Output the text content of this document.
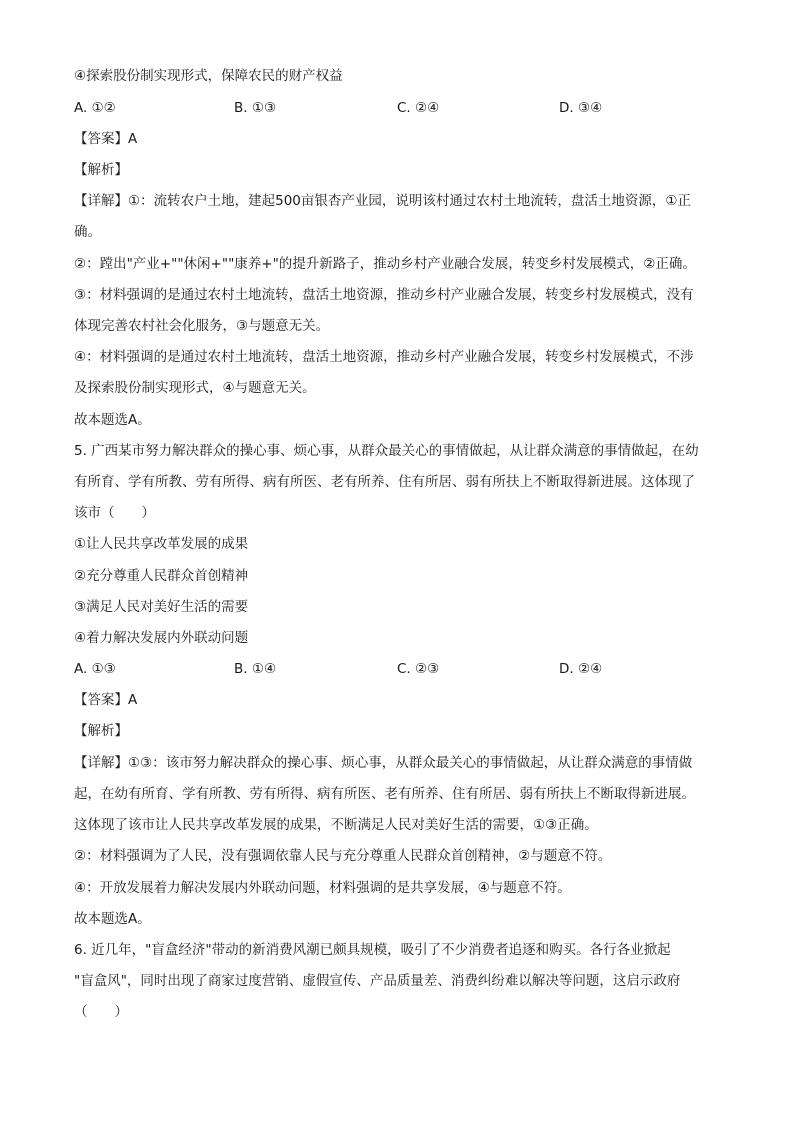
④探索股份制实现形式，保障农民的财产权益
A. ①②	B. ①③	C. ②④	D. ③④
【答案】A
【解析】
【详解】①：流转农户土地，建起500亩银杏产业园，说明该村通过农村土地流转，盘活土地资源，①正
确。
②：蹚出"产业+""休闲+""康养+"的提升新路子，推动乡村产业融合发展，转变乡村发展模式，②正确。
③：材料强调的是通过农村土地流转，盘活土地资源，推动乡村产业融合发展，转变乡村发展模式，没有
体现完善农村社会化服务，③与题意无关。
④：材料强调的是通过农村土地流转，盘活土地资源，推动乡村产业融合发展，转变乡村发展模式，不涉
及探索股份制实现形式，④与题意无关。
故本题选A。
5. 广西某市努力解决群众的操心事、烦心事，从群众最关心的事情做起，从让群众满意的事情做起，在幼
有所育、学有所教、劳有所得、病有所医、老有所养、住有所居、弱有所扶上不断取得新进展。这体现了
该市（　　）
①让人民共享改革发展的成果
②充分尊重人民群众首创精神
③满足人民对美好生活的需要
④着力解决发展内外联动问题
A. ①③	B. ①④	C. ②③	D. ②④
【答案】A
【解析】
【详解】①③：该市努力解决群众的操心事、烦心事，从群众最关心的事情做起，从让群众满意的事情做
起，在幼有所育、学有所教、劳有所得、病有所医、老有所养、住有所居、弱有所扶上不断取得新进展。
这体现了该市让人民共享改革发展的成果，不断满足人民对美好生活的需要，①③正确。
②：材料强调为了人民，没有强调依靠人民与充分尊重人民群众首创精神，②与题意不符。
④：开放发展着力解决发展内外联动问题，材料强调的是共享发展，④与题意不符。
故本题选A。
6. 近几年，"盲盒经济"带动的新消费风潮已颇具规模，吸引了不少消费者追逐和购买。各行各业掀起
"盲盒风"，同时出现了商家过度营销、虚假宣传、产品质量差、消费纠纷难以解决等问题，这启示政府
（　　）
